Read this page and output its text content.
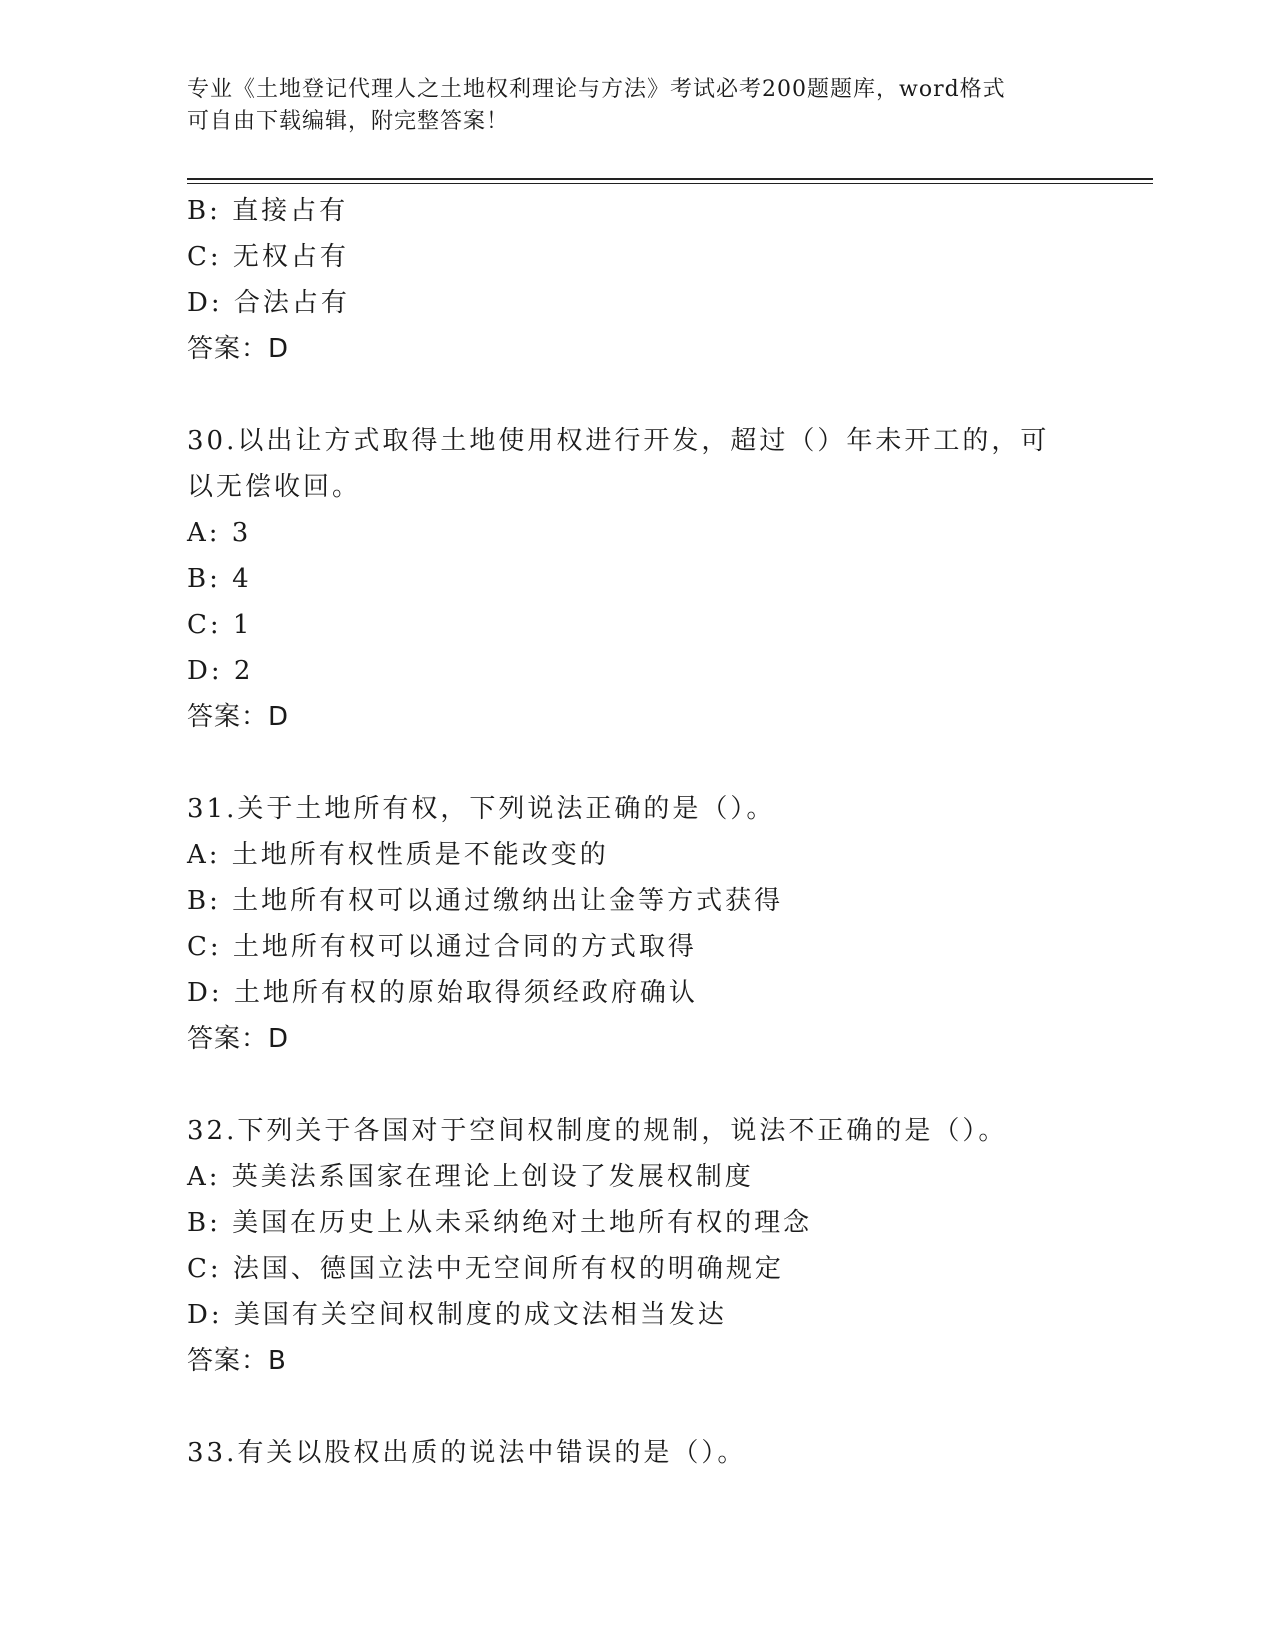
专业《土地登记代理人之土地权利理论与方法》考试必考200题题库，word格式
可自由下载编辑，附完整答案！
B: 直接占有
C: 无权占有
D: 合法占有
答案：D
30.以出让方式取得土地使用权进行开发，超过（）年未开工的，可以无偿收回。
A: 3
B: 4
C: 1
D: 2
答案：D
31.关于土地所有权，下列说法正确的是（）。
A: 土地所有权性质是不能改变的
B: 土地所有权可以通过缴纳出让金等方式获得
C: 土地所有权可以通过合同的方式取得
D: 土地所有权的原始取得须经政府确认
答案：D
32.下列关于各国对于空间权制度的规制，说法不正确的是（）。
A: 英美法系国家在理论上创设了发展权制度
B: 美国在历史上从未采纳绝对土地所有权的理念
C: 法国、德国立法中无空间所有权的明确规定
D: 美国有关空间权制度的成文法相当发达
答案：B
33.有关以股权出质的说法中错误的是（）。
